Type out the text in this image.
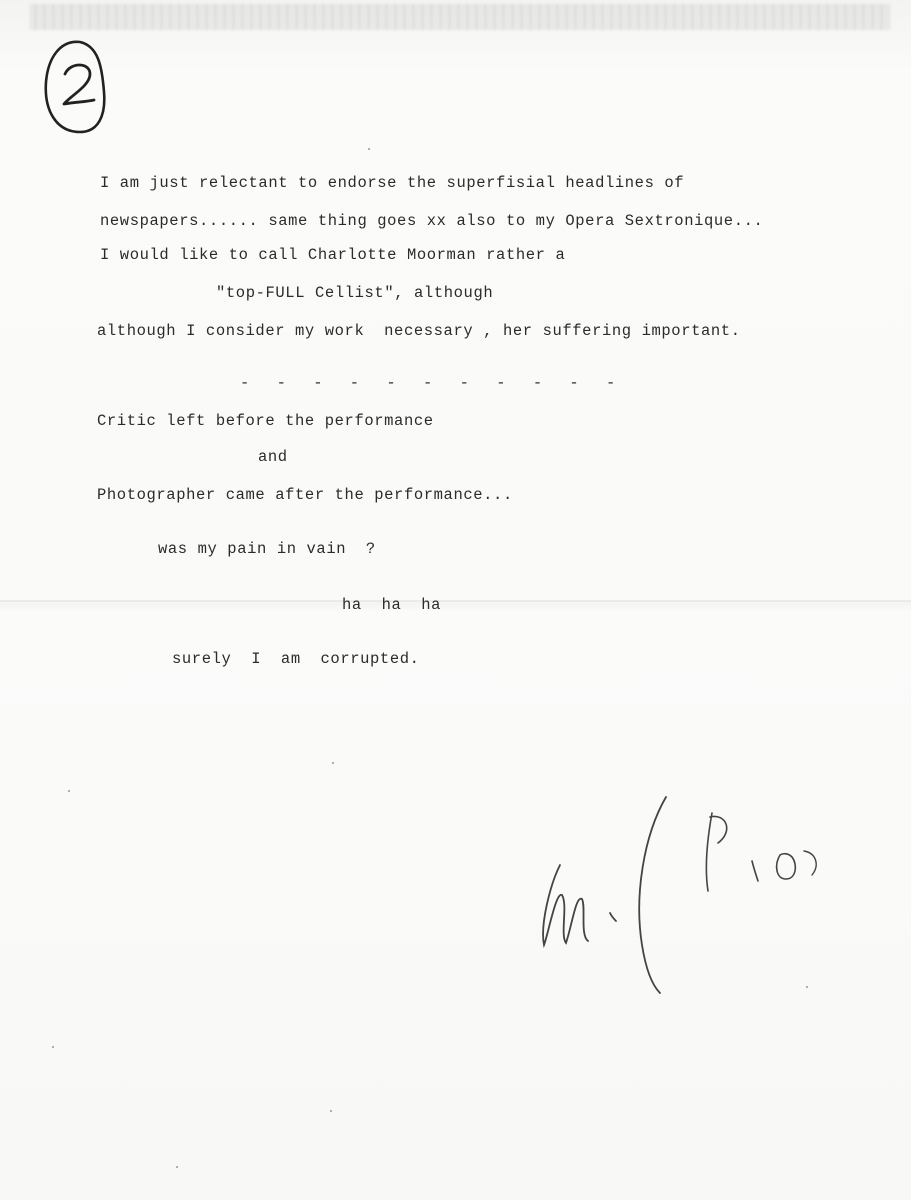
I am just relectant to endorse the superfisial headlines of
newspapers...... same thing goes xx also to my Opera Sextronique...
I would like to call Charlotte Moorman rather a
"top-FULL Cellist", although
although I consider my work  necessary , her suffering important.
- - - - - - - - - - -
Critic left before the performance
and
Photographer came after the performance...
was my pain in vain  ?
ha  ha  ha
surely  I  am  corrupted.
